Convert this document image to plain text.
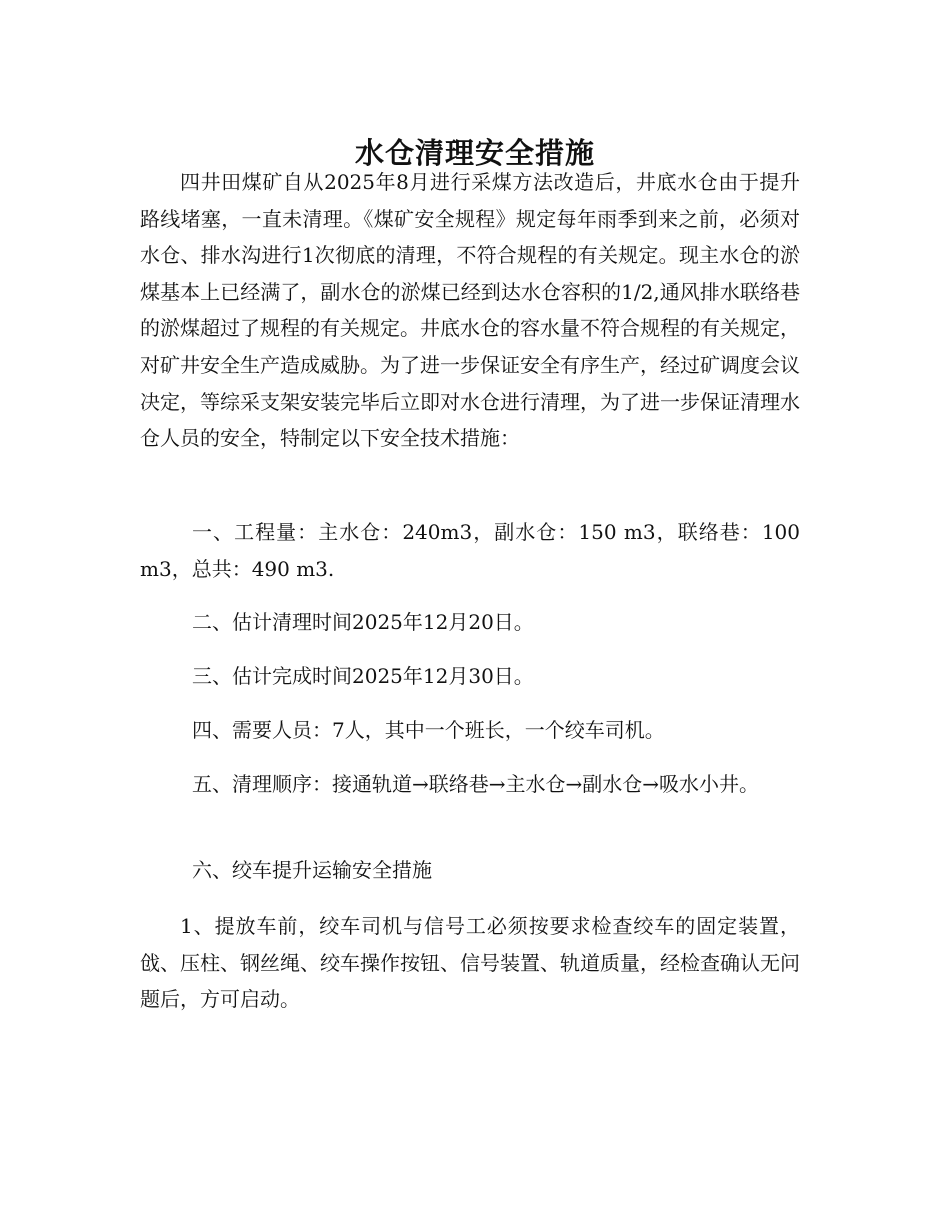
水仓清理安全措施

四井田煤矿自从2025年8月进行采煤方法改造后，井底水仓由于提升路线堵塞，一直未清理。《煤矿安全规程》规定每年雨季到来之前，必须对水仓、排水沟进行1次彻底的清理，不符合规程的有关规定。现主水仓的淤煤基本上已经满了，副水仓的淤煤已经到达水仓容积的1/2,通风排水联络巷的淤煤超过了规程的有关规定。井底水仓的容水量不符合规程的有关规定，对矿井安全生产造成威胁。为了进一步保证安全有序生产，经过矿调度会议决定，等综采支架安装完毕后立即对水仓进行清理，为了进一步保证清理水仓人员的安全，特制定以下安全技术措施：

一、工程量：主水仓：240m3，副水仓：150 m3，联络巷：100 m3，总共：490 m3.

二、估计清理时间2025年12月20日。

三、估计完成时间2025年12月30日。

四、需要人员：7人，其中一个班长，一个绞车司机。

五、清理顺序：接通轨道→联络巷→主水仓→副水仓→吸水小井。

六、绞车提升运输安全措施

1、提放车前，绞车司机与信号工必须按要求检查绞车的固定装置，戗、压柱、钢丝绳、绞车操作按钮、信号装置、轨道质量，经检查确认无问题后，方可启动。
